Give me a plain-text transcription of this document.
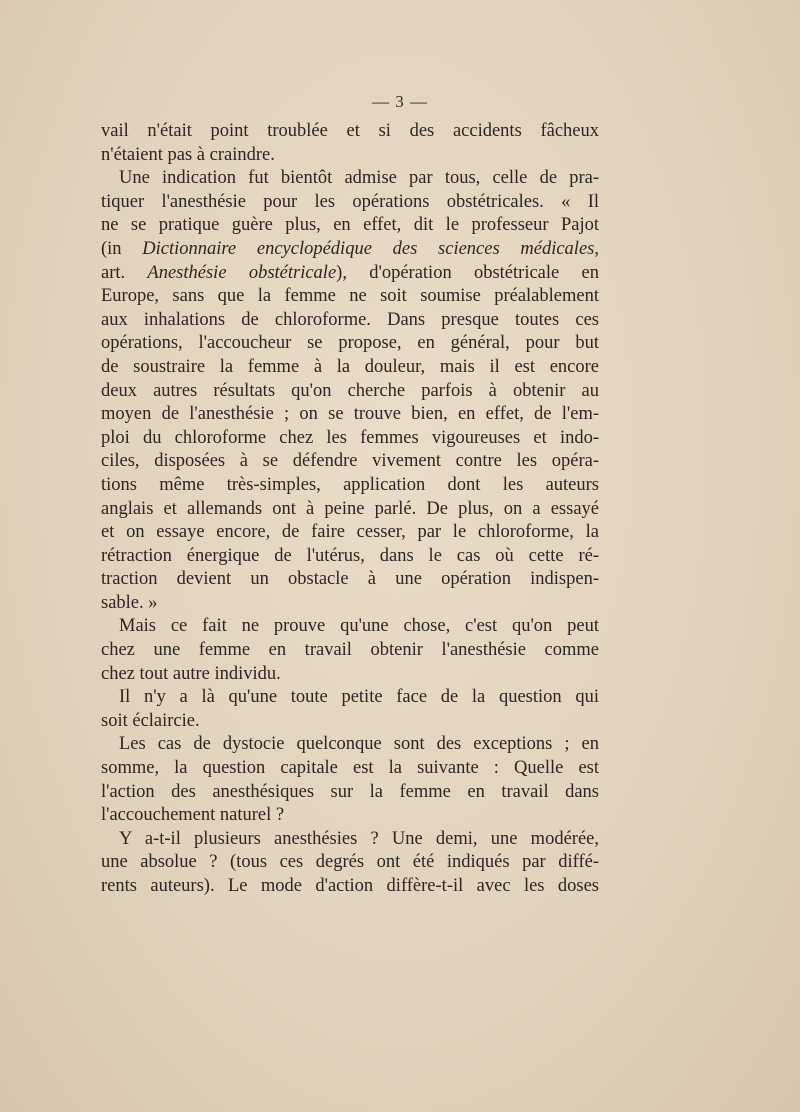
— 3 —
vail n'était point troublée et si des accidents fâcheux
n'étaient pas à craindre.
Une indication fut bientôt admise par tous, celle de pra-
tiquer l'anesthésie pour les opérations obstétricales. « Il
ne se pratique guère plus, en effet, dit le professeur Pajot
(in Dictionnaire encyclopédique des sciences médicales,
art. Anesthésie obstétricale), d'opération obstétricale en
Europe, sans que la femme ne soit soumise préalablement
aux inhalations de chloroforme. Dans presque toutes ces
opérations, l'accoucheur se propose, en général, pour but
de soustraire la femme à la douleur, mais il est encore
deux autres résultats qu'on cherche parfois à obtenir au
moyen de l'anesthésie ; on se trouve bien, en effet, de l'em-
ploi du chloroforme chez les femmes vigoureuses et indo-
ciles, disposées à se défendre vivement contre les opéra-
tions même très-simples, application dont les auteurs
anglais et allemands ont à peine parlé. De plus, on a essayé
et on essaye encore, de faire cesser, par le chloroforme, la
rétraction énergique de l'utérus, dans le cas où cette ré-
traction devient un obstacle à une opération indispen-
sable. »
Mais ce fait ne prouve qu'une chose, c'est qu'on peut
chez une femme en travail obtenir l'anesthésie comme
chez tout autre individu.
Il n'y a là qu'une toute petite face de la question qui
soit éclaircie.
Les cas de dystocie quelconque sont des exceptions ; en
somme, la question capitale est la suivante : Quelle est
l'action des anesthésiques sur la femme en travail dans
l'accouchement naturel ?
Y a-t-il plusieurs anesthésies ? Une demi, une modérée,
une absolue ? (tous ces degrés ont été indiqués par diffé-
rents auteurs). Le mode d'action diffère-t-il avec les doses
